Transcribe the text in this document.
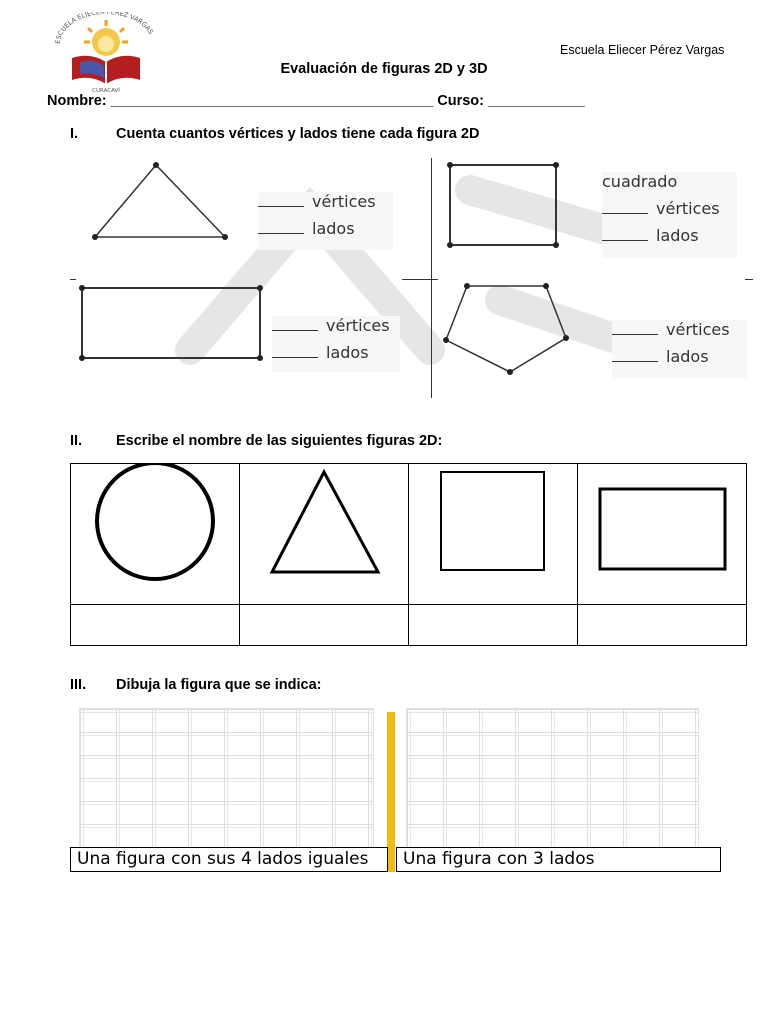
ESCUELA ELIECER PÉREZ VARGAS
CURACAVÍ
Escuela Eliecer Pérez Vargas
Evaluación de figuras 2D y 3D
Nombre: ________________________________________ Curso: ____________
I.	Cuenta cuantos vértices y lados tiene cada figura 2D
vértices
lados
cuadrado
vértices
lados
vértices
lados
vértices
lados
II. Escribe el nombre de las siguientes figuras 2D:

III. Dibuja la figura que se indica:
Una figura con sus 4 lados iguales	Una figura con 3 lados
